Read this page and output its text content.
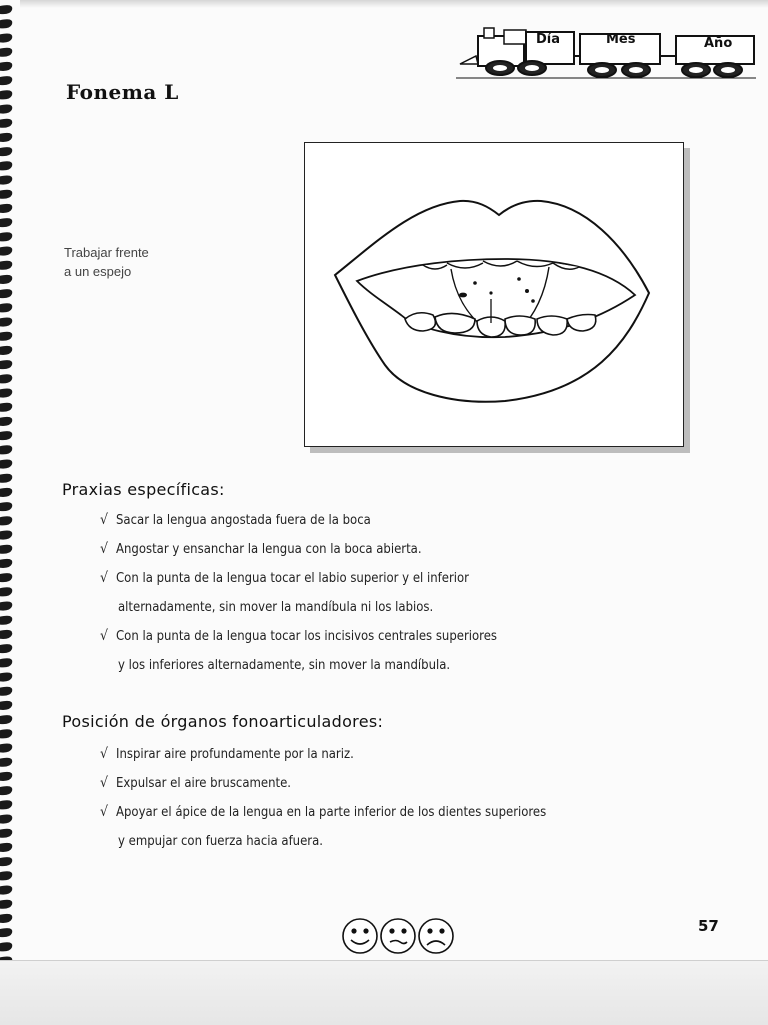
Día	Mes	Año
Fonema L
Trabajar frente
a un espejo
Praxias específicas:
√ Sacar la lengua angostada fuera de la boca
√ Angostar y ensanchar la lengua con la boca abierta.
√ Con la punta de la lengua tocar el labio superior y el inferior
alternadamente, sin mover la mandíbula ni los labios.
√ Con la punta de la lengua tocar los incisivos centrales superiores
y los inferiores alternadamente, sin mover la mandíbula.
Posición de órganos fonoarticuladores:
√ Inspirar aire profundamente por la nariz.
√ Expulsar el aire bruscamente.
√ Apoyar el ápice de la lengua en la parte inferior de los dientes superiores
y empujar con fuerza hacia afuera.
57
